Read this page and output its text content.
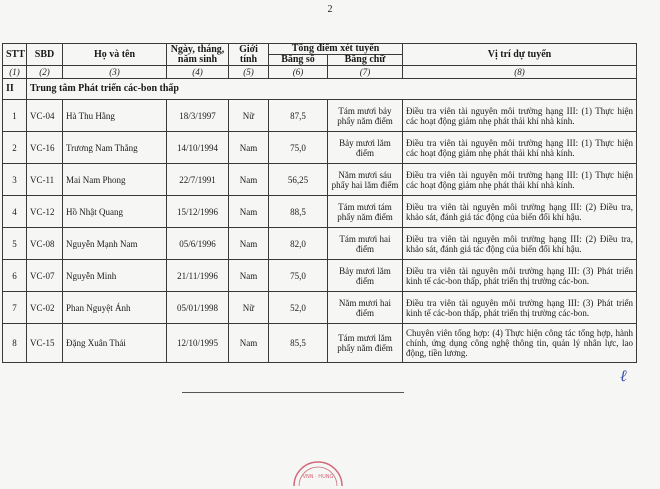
2
STT	SBD	Họ và tên	Ngày, tháng, năm sinh	Giới tính	Tổng điểm xét tuyển		Vị trí dự tuyển
					Bằng số	Bằng chữ	
(1)	(2)	(3)	(4)	(5)	(6)	(7)	(8)
II	Trung tâm Phát triển các-bon thấp						
1	VC-04	Hà Thu Hằng	18/3/1997	Nữ	87,5	Tám mươi bảy phẩy năm điểm	Điều tra viên tài nguyên môi trường hạng III: (1) Thực hiện các hoạt động giảm nhẹ phát thải khí nhà kính.
2	VC-16	Trương Nam Thắng	14/10/1994	Nam	75,0	Bảy mươi lăm điểm	Điều tra viên tài nguyên môi trường hạng III: (1) Thực hiện các hoạt động giảm nhẹ phát thải khí nhà kính.
3	VC-11	Mai Nam Phong	22/7/1991	Nam	56,25	Năm mươi sáu phẩy hai lăm điểm	Điều tra viên tài nguyên môi trường hạng III: (1) Thực hiện các hoạt động giảm nhẹ phát thải khí nhà kính.
4	VC-12	Hồ Nhật Quang	15/12/1996	Nam	88,5	Tám mươi tám phẩy năm điểm	Điều tra viên tài nguyên môi trường hạng III: (2) Điều tra, khảo sát, đánh giá tác động của biến đổi khí hậu.
5	VC-08	Nguyễn Mạnh Nam	05/6/1996	Nam	82,0	Tám mươi hai điểm	Điều tra viên tài nguyên môi trường hạng III: (2) Điều tra, khảo sát, đánh giá tác động của biến đổi khí hậu.
6	VC-07	Nguyễn Minh	21/11/1996	Nam	75,0	Bảy mươi lăm điểm	Điều tra viên tài nguyên môi trường hạng III: (3) Phát triển kinh tế các-bon thấp, phát triển thị trường các-bon.
7	VC-02	Phan Nguyệt Ánh	05/01/1998	Nữ	52,0	Năm mươi hai điểm	Điều tra viên tài nguyên môi trường hạng III: (3) Phát triển kinh tế các-bon thấp, phát triển thị trường các-bon.
8	VC-15	Đặng Xuân Thái	12/10/1995	Nam	85,5	Tám mươi lăm phẩy năm điểm	Chuyên viên tổng hợp: (4) Thực hiện công tác tổng hợp, hành chính, ứng dụng công nghệ thông tin, quản lý nhân lực, lao động, tiền lương.
ℓ
VNN · HUNG
